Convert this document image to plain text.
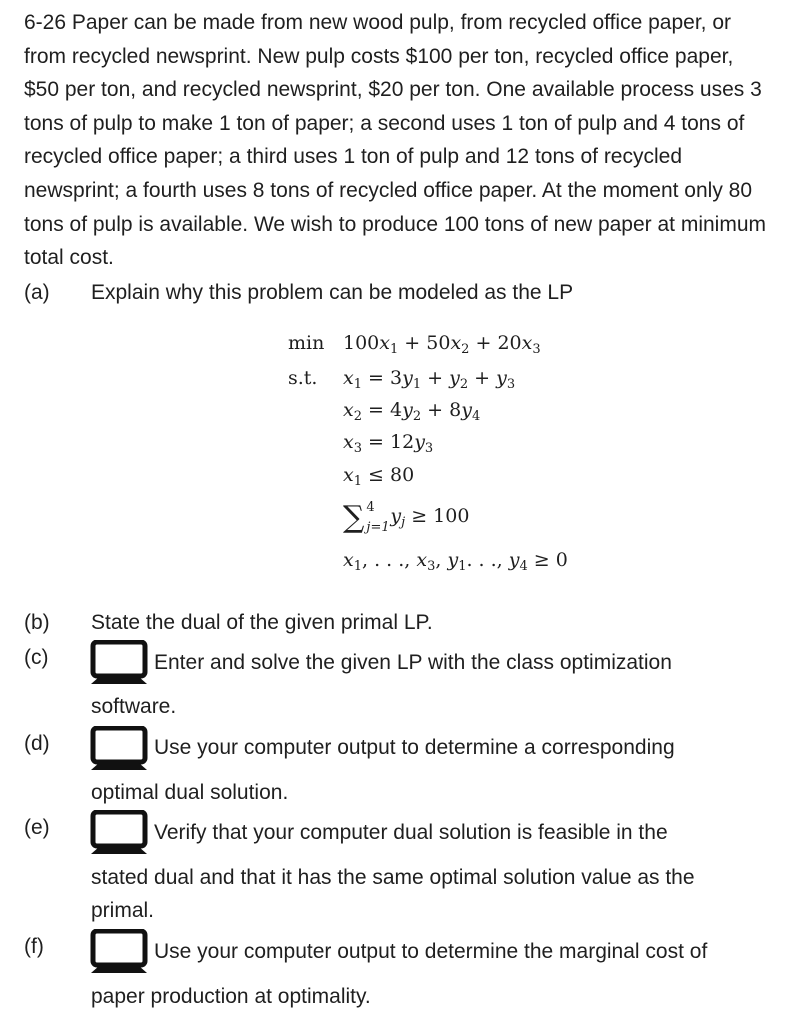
6-26 Paper can be made from new wood pulp, from recycled office paper, or from recycled newsprint. New pulp costs $100 per ton, recycled office paper, $50 per ton, and recycled newsprint, $20 per ton. One available process uses 3 tons of pulp to make 1 ton of paper; a second uses 1 ton of pulp and 4 tons of recycled office paper; a third uses 1 ton of pulp and 12 tons of recycled newsprint; a fourth uses 8 tons of recycled office paper. At the moment only 80 tons of pulp is available. We wish to produce 100 tons of new paper at minimum total cost.

(a) Explain why this problem can be modeled as the LP
$\min 100x_1 + 50x_2 + 20x_3$
s.t. $x_1 = 3y_1 + y_2 + y_3$
$x_2 = 4y_2 + 8y_4$
$x_3 = 12y_3$
$x_1 \le 80$
∑ 4
j=1
$y_j \ge 100$
$x_1$, . . ., $x_3$, $y_1$. . ., $y_4 \ge 0$
(b) State the dual of the given primal LP.
(c)	Enter and solve the given LP with the class optimization
software.
(d)	Use your computer output to determine a corresponding
optimal dual solution.
(e)	Verify that your computer dual solution is feasible in the
stated dual and that it has the same optimal solution value as the
primal.
(f)	Use your computer output to determine the marginal cost of
paper production at optimality.
